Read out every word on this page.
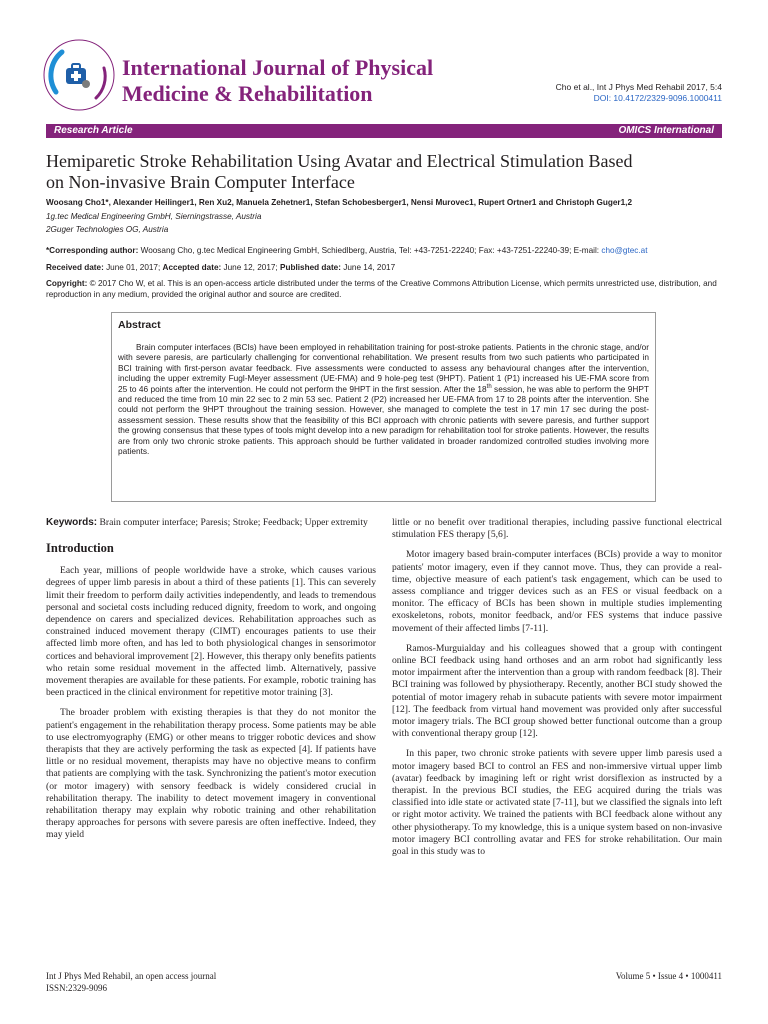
International Journal of Physical
Medicine & Rehabilitation	Cho et al., Int J Phys Med Rehabil 2017, 5:4
DOI: 10.4172/2329-9096.1000411
Research Article	OMICS International
Hemiparetic Stroke Rehabilitation Using Avatar and Electrical Stimulation Based
on Non-invasive Brain Computer Interface
Woosang Cho1*, Alexander Heilinger1, Ren Xu2, Manuela Zehetner1, Stefan Schobesberger1, Nensi Murovec1, Rupert Ortner1 and Christoph Guger1,2
1g.tec Medical Engineering GmbH, Sierningstrasse, Austria
2Guger Technologies OG, Austria
*Corresponding author: Woosang Cho, g.tec Medical Engineering GmbH, Schiedlberg, Austria, Tel: +43-7251-22240; Fax: +43-7251-22240-39; E-mail: cho@gtec.at
Received date: June 01, 2017; Accepted date: June 12, 2017; Published date: June 14, 2017
Copyright: © 2017 Cho W, et al. This is an open-access article distributed under the terms of the Creative Commons Attribution License, which permits unrestricted use, distribution, and reproduction in any medium, provided the original author and source are credited.
Abstract
Brain computer interfaces (BCIs) have been employed in rehabilitation training for post-stroke patients. Patients in the chronic stage, and/or with severe paresis, are particularly challenging for conventional rehabilitation. We present results from two such patients who participated in BCI training with first-person avatar feedback. Five assessments were conducted to assess any behavioural changes after the intervention, including the upper extremity Fugl-Meyer assessment (UE-FMA) and 9 hole-peg test (9HPT). Patient 1 (P1) increased his UE-FMA score from 25 to 46 points after the intervention. He could not perform the 9HPT in the first session. After the 18th session, he was able to perform the 9HPT and reduced the time from 10 min 22 sec to 2 min 53 sec. Patient 2 (P2) increased her UE-FMA from 17 to 28 points after the intervention. She could not perform the 9HPT throughout the training session. However, she managed to complete the test in 17 min 17 sec during the post-assessment session. These results show that the feasibility of this BCI approach with chronic patients with severe paresis, and further support the growing consensus that these types of tools might develop into a new paradigm for rehabilitation tool for stroke patients. However, the results are from only two chronic stroke patients. This approach should be further validated in broader randomized controlled studies involving more patients.

Keywords: Brain computer interface; Paresis; Stroke; Feedback; Upper extremity

Introduction

Each year, millions of people worldwide have a stroke, which causes various degrees of upper limb paresis in about a third of these patients [1]. This can severely limit their freedom to perform daily activities independently, and leads to tremendous personal and societal costs including reduced dignity, freedom to work, and ongoing dependence on carers and specialized devices. Rehabilitation approaches such as constrained induced movement therapy (CIMT) encourages patients to use their affected limb more often, and has led to both physiological changes in sensorimotor cortices and behavioral improvement [2]. However, this therapy only benefits patients who retain some residual movement in the affected limb. Alternatively, passive movement therapies are available for these patients. For example, robotic training has been practiced in the clinical environment for repetitive motor training [3].

The broader problem with existing therapies is that they do not monitor the patient's engagement in the rehabilitation therapy process. Some patients may be able to use electromyography (EMG) or other means to trigger robotic devices and show therapists that they are actively performing the task as expected [4]. If patients have little or no residual movement, therapists may have no objective means to confirm that patients are complying with the task. Synchronizing the patient's motor execution (or motor imagery) with sensory feedback is widely considered crucial in rehabilitation therapy. The inability to detect movement imagery in conventional rehabilitation therapy may explain why robotic training and other rehabilitation therapy approaches for persons with severe paresis are often ineffective. Indeed, they may yield

little or no benefit over traditional therapies, including passive functional electrical stimulation FES therapy [5,6].

Motor imagery based brain-computer interfaces (BCIs) provide a way to monitor patients' motor imagery, even if they cannot move. Thus, they can provide a real-time, objective measure of each patient's task engagement, which can be used to assess compliance and trigger devices such as an FES or visual feedback on a monitor. The efficacy of BCIs has been shown in multiple studies implementing exoskeletons, robots, monitor feedback, and/or FES systems that induce passive movement of their affected limbs [7-11].

Ramos-Murguialday and his colleagues showed that a group with contingent online BCI feedback using hand orthoses and an arm robot had significantly less motor impairment after the intervention than a group with random feedback [8]. Their BCI training was followed by physiotherapy. Recently, another BCI study showed the potential of motor imagery rehab in subacute patients with severe motor impairment [12]. The feedback from virtual hand movement was provided only after successful motor imagery trials. The BCI group showed better functional outcome than a group with conventional therapy group [12].

In this paper, two chronic stroke patients with severe upper limb paresis used a motor imagery based BCI to control an FES and non-immersive virtual upper limb (avatar) feedback by imagining left or right wrist dorsiflexion as instructed by a therapist. In the previous BCI studies, the EEG acquired during the trials was classified into idle state or activated state [7-11], but we classified the signals into left or right motor activity. We trained the patients with BCI feedback alone without any other physiotherapy. To my knowledge, this is a unique system based on non-invasive motor imagery BCI controlling avatar and FES for stroke rehabilitation. Our main goal in this study was to

Int J Phys Med Rehabil, an open access journal
ISSN:2329-9096
Volume 5 • Issue 4 • 1000411
